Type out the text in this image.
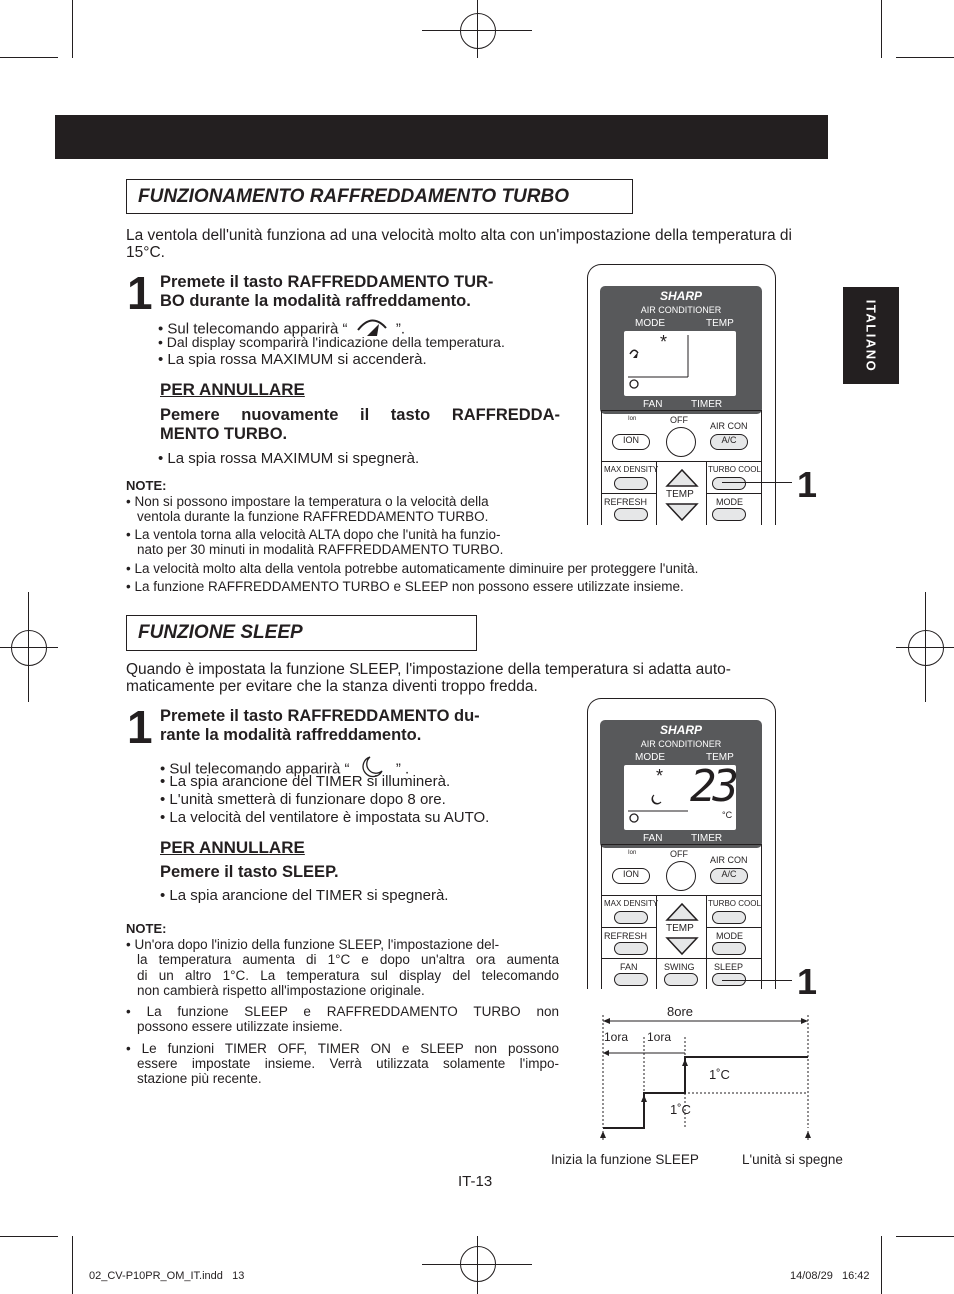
ITALIANO
FUNZIONAMENTO RAFFREDDAMENTO TURBO
La ventola dell'unità funziona ad una velocità molto alta con un'impostazione della temperatura di 15°C.
1 Premete il tasto RAFFREDDAMENTO TUR-
BO durante la modalità raffreddamento.
• Sul telecomando apparirà “	”.
• Dal display scomparirà l'indicazione della temperatura.
• La spia rossa MAXIMUM si accenderà.
PER ANNULLARE
Pemere nuovamente il tasto RAFFREDDA-
MENTO TURBO.
• La spia rossa MAXIMUM si spegnerà.
NOTE:
• Non si possono impostare la temperatura o la velocità della
ventola durante la funzione RAFFREDDAMENTO TURBO.
• La ventola torna alla velocità ALTA dopo che l'unità ha funzio-
nato per 30 minuti in modalità RAFFREDDAMENTO TURBO.
• La velocità molto alta della ventola potrebbe automaticamente diminuire per proteggere l'unità.
• La funzione RAFFREDDAMENTO TURBO e SLEEP non possono essere utilizzate insieme.
SHARP
AIR CONDITIONER
MODE	TEMP
*
FAN	TIMER
Ion	OFF
AIR CON
ION	A/C
MAX DENSITY	TURBO COOL
TEMP
REFRESH	MODE 1
FUNZIONE SLEEP
Quando è impostata la funzione SLEEP, l'impostazione della temperatura si adatta auto-
maticamente per evitare che la stanza diventi troppo fredda.
1 Premete il tasto RAFFREDDAMENTO du-
rante la modalità raffreddamento.
• Sul telecomando apparirà “	” .
• La spia arancione del TIMER si illuminerà.
• L'unità smetterà di funzionare dopo 8 ore.
• La velocità del ventilatore è impostata su AUTO.
PER ANNULLARE
Pemere il tasto SLEEP.
• La spia arancione del TIMER si spegnerà.
NOTE:
• Un'ora dopo l'inizio della funzione SLEEP, l'impostazione del-
la temperatura aumenta di 1°C e dopo un'altra ora aumenta
di un altro 1°C. La temperatura sul display del telecomando
non cambierà rispetto all'impostazione originale.
• La funzione SLEEP e RAFFREDDAMENTO TURBO non
possono essere utilizzate insieme.
• Le funzioni TIMER OFF, TIMER ON e SLEEP non possono
essere impostate insieme. Verrà utilizzata solamente l'impo-
stazione più recente.
SHARP
AIR CONDITIONER
MODE	TEMP
* 23
°C
FAN	TIMER
Ion	OFF
AIR CON
ION	A/C
MAX DENSITY	TURBO COOL
TEMP
REFRESH	MODE
FAN	SWING SLEEP 1
8ore
1ora 1ora
1˚C
1˚C
Inizia la funzione SLEEP	L'unità si spegne
IT-13
02_CV-P10PR_OM_IT.indd   13	14/08/29   16:42
